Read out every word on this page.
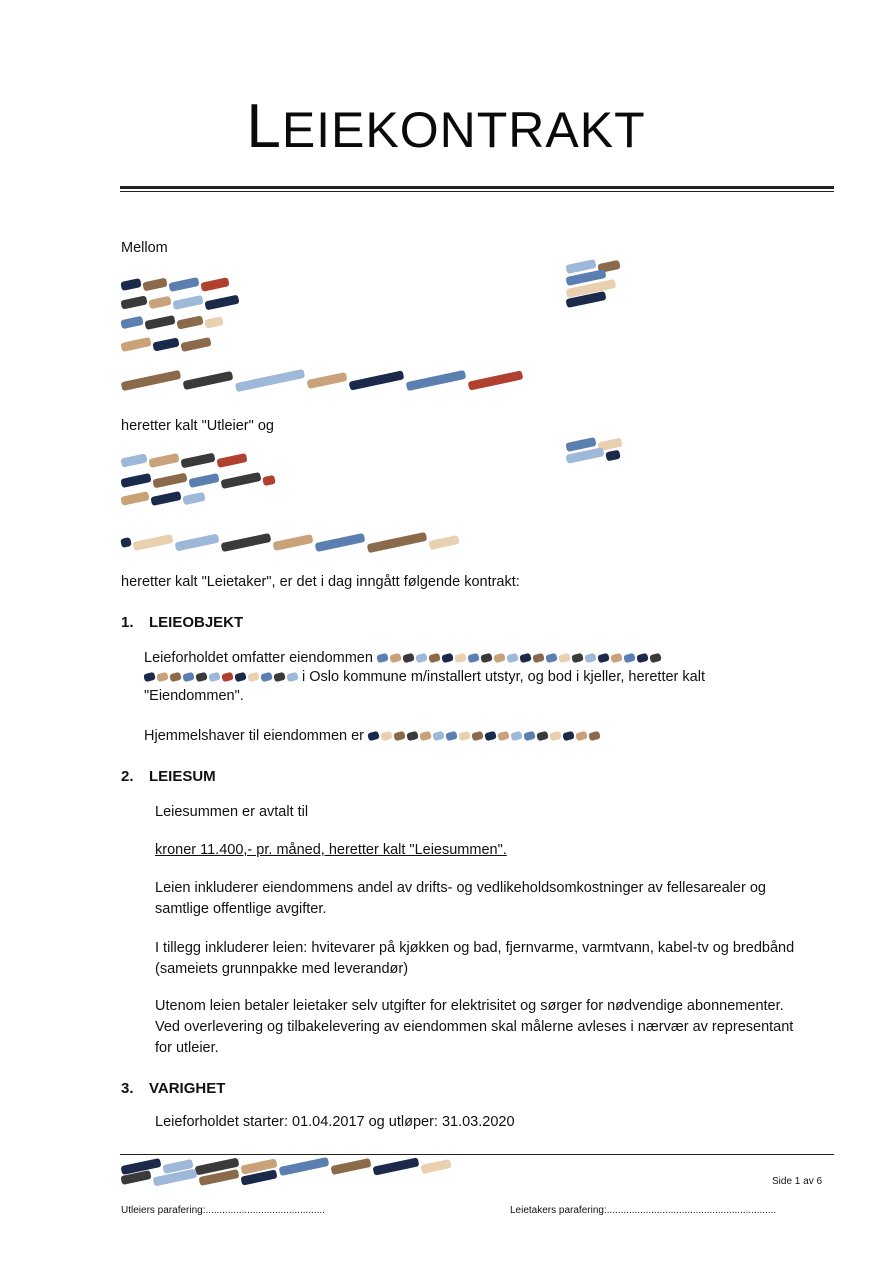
LEIEKONTRAKT
Mellom
heretter kalt "Utleier" og
heretter kalt "Leietaker", er det i dag inngått følgende kontrakt:
1. LEIEOBJEKT
Leieforholdet omfatter eiendommen
i Oslo kommune m/installert utstyr, og bod i kjeller, heretter kalt
"Eiendommen".
Hjemmelshaver til eiendommen er
2. LEIESUM
Leiesummen er avtalt til
kroner 11.400,- pr. måned, heretter kalt "Leiesummen".
Leien inkluderer eiendommens andel av drifts- og vedlikeholdsomkostninger av fellesarealer og
samtlige offentlige avgifter.
I tillegg inkluderer leien: hvitevarer på kjøkken og bad, fjernvarme, varmtvann, kabel-tv og bredbånd
(sameiets grunnpakke med leverandør)
Utenom leien betaler leietaker selv utgifter for elektrisitet og sørger for nødvendige abonnementer.
Ved overlevering og tilbakelevering av eiendommen skal målerne avleses i nærvær av representant
for utleier.
3. VARIGHET
Leieforholdet starter: 01.04.2017 og utløper: 31.03.2020
Side 1 av 6
Utleiers parafering:...........................................	Leietakers parafering:.............................................................
